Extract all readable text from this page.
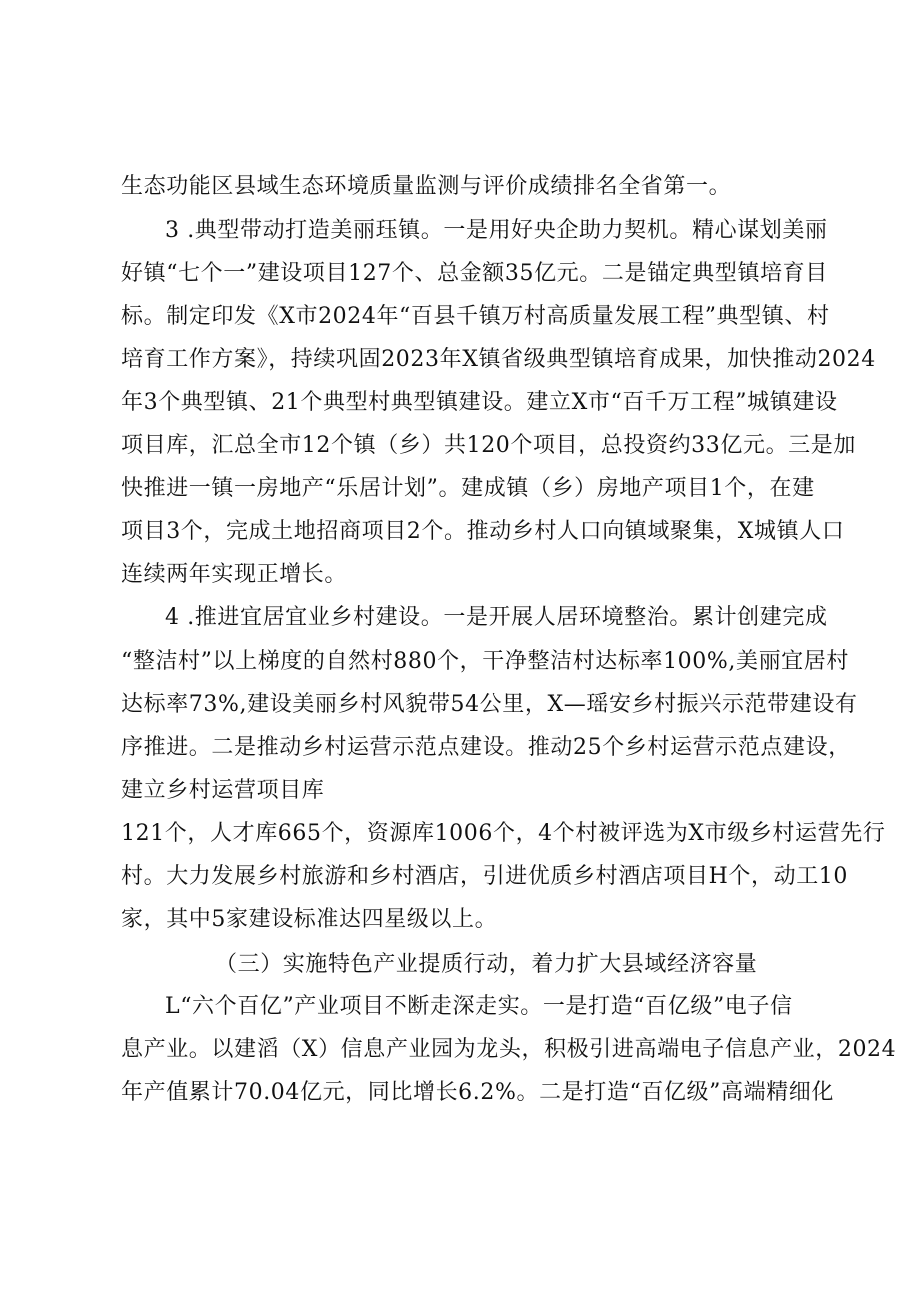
生态功能区县域生态环境质量监测与评价成绩排名全省第一。

3 .典型带动打造美丽珏镇。一是用好央企助力契机。精心谋划美丽

好镇“七个一”建设项目127个、总金额35亿元。二是锚定典型镇培育目

标。制定印发《X市2024年“百县千镇万村高质量发展工程”典型镇、村

培育工作方案》，持续巩固2023年X镇省级典型镇培育成果，加快推动2024

年3个典型镇、21个典型村典型镇建设。建立X市“百千万工程”城镇建设

项目库，汇总全市12个镇（乡）共120个项目，总投资约33亿元。三是加

快推进一镇一房地产“乐居计划”。建成镇（乡）房地产项目1个，在建

项目3个，完成土地招商项目2个。推动乡村人口向镇域聚集，X城镇人口

连续两年实现正增长。

4 .推进宜居宜业乡村建设。一是开展人居环境整治。累计创建完成

“整洁村”以上梯度的自然村880个，干净整洁村达标率100%,美丽宜居村

达标率73%,建设美丽乡村风貌带54公里，X—瑶安乡村振兴示范带建设有

序推进。二是推动乡村运营示范点建设。推动25个乡村运营示范点建设，

建立乡村运营项目库

121个，人才库665个，资源库1006个，4个村被评选为X市级乡村运营先行

村。大力发展乡村旅游和乡村酒店，引进优质乡村酒店项目H个，动工10

家，其中5家建设标准达四星级以上。

（三）实施特色产业提质行动，着力扩大县域经济容量

L“六个百亿”产业项目不断走深走实。一是打造“百亿级”电子信

息产业。以建滔（X）信息产业园为龙头，积极引进高端电子信息产业，2024

年产值累计70.04亿元，同比增长6.2%。二是打造“百亿级”高端精细化
